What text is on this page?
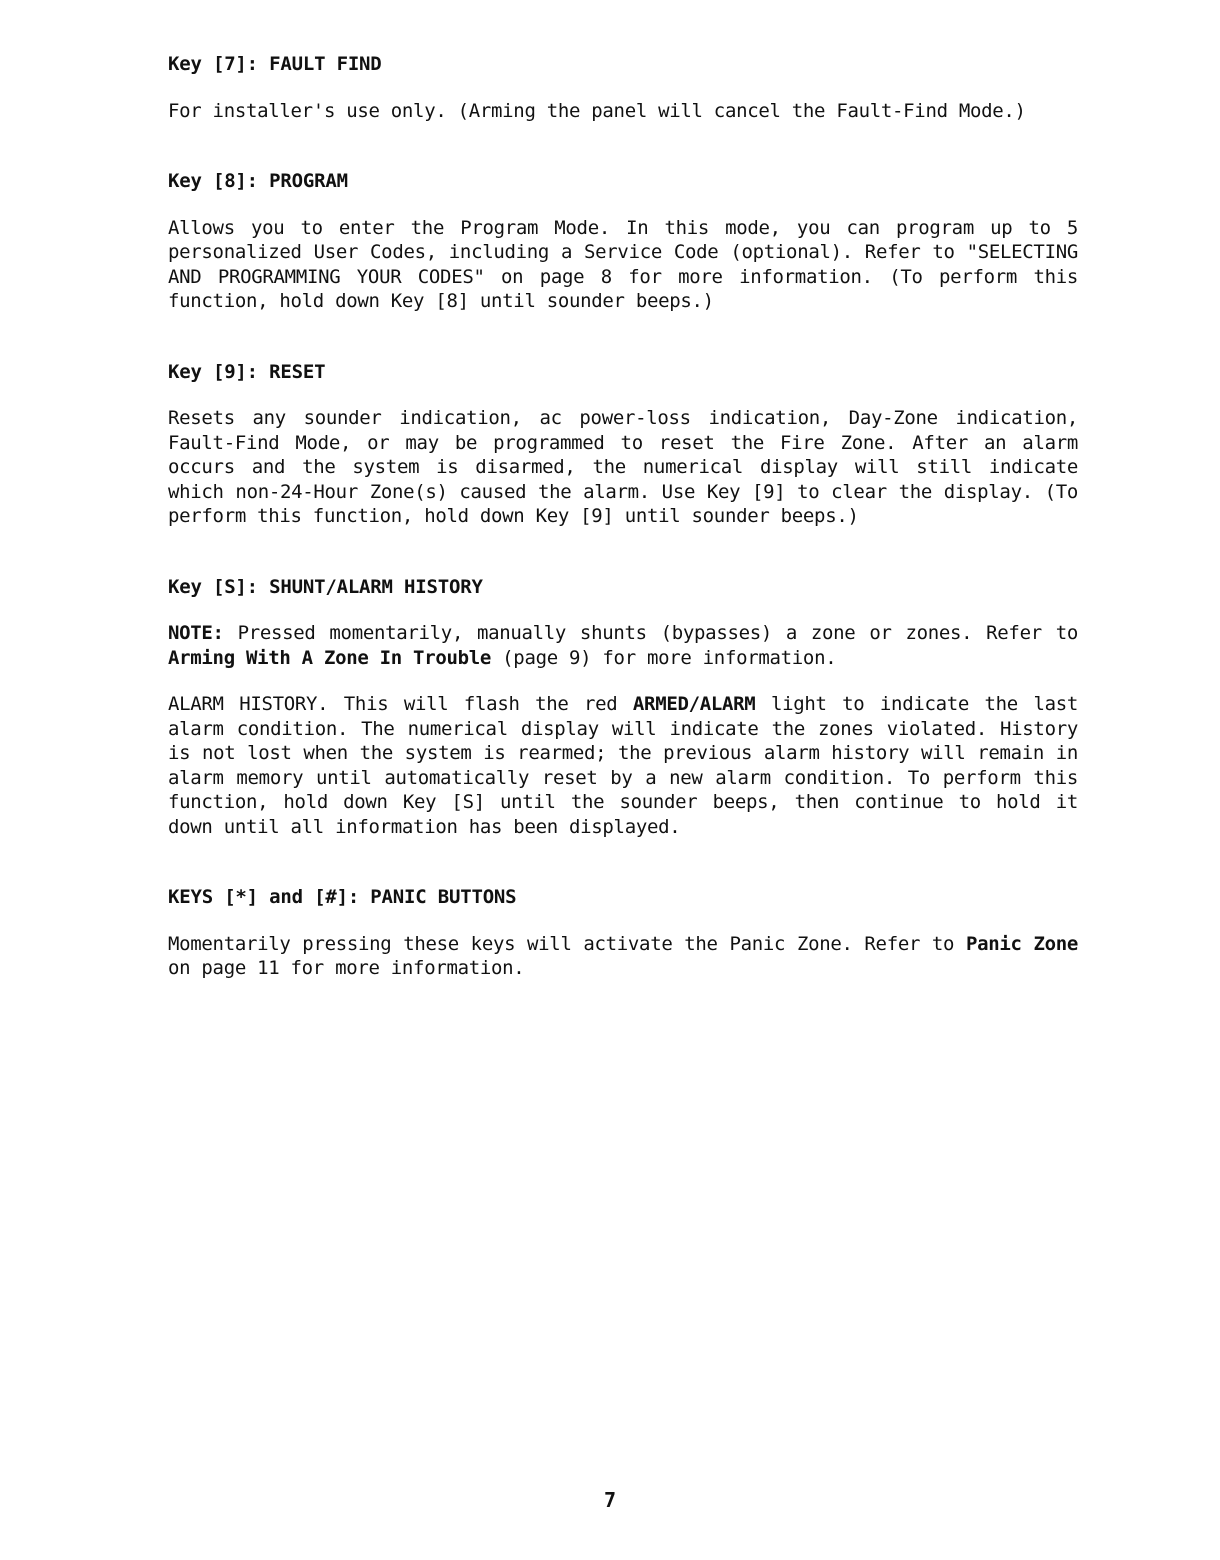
Key [7]: FAULT FIND

For installer's use only. (Arming the panel will cancel the Fault-Find Mode.)

Key [8]: PROGRAM

Allows you to enter the Program Mode. In this mode, you can program up to 5 personalized User Codes, including a Service Code (optional). Refer to "SELECTING AND PROGRAMMING YOUR CODES" on page 8 for more information. (To perform this function, hold down Key [8] until sounder beeps.)

Key [9]: RESET

Resets any sounder indication, ac power-loss indication, Day-Zone indication, Fault-Find Mode, or may be programmed to reset the Fire Zone. After an alarm occurs and the system is disarmed, the numerical display will still indicate which non-24-Hour Zone(s) caused the alarm. Use Key [9] to clear the display. (To perform this function, hold down Key [9] until sounder beeps.)

Key [S]: SHUNT/ALARM HISTORY

NOTE: Pressed momentarily, manually shunts (bypasses) a zone or zones. Refer to Arming With A Zone In Trouble (page 9) for more information.

ALARM HISTORY. This will flash the red ARMED/ALARM light to indicate the last alarm condition. The numerical display will indicate the zones violated. History is not lost when the system is rearmed; the previous alarm history will remain in alarm memory until automatically reset by a new alarm condition. To perform this function, hold down Key [S] until the sounder beeps, then continue to hold it down until all information has been displayed.

KEYS [*] and [#]: PANIC BUTTONS

Momentarily pressing these keys will activate the Panic Zone. Refer to Panic Zone on page 11 for more information.

7
